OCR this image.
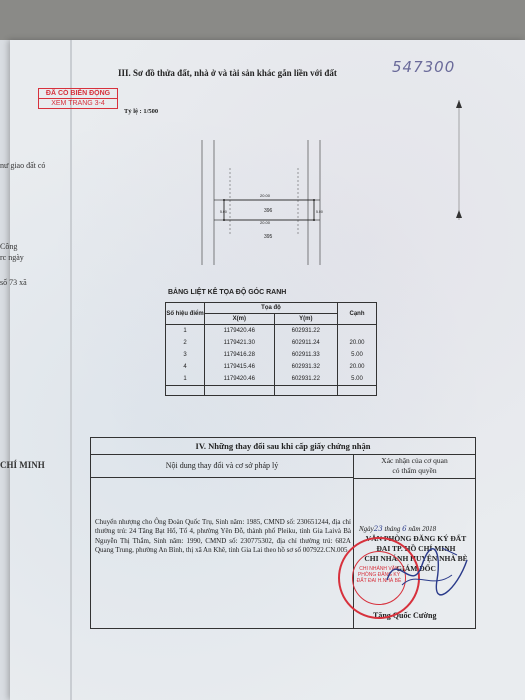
nư giao đất có
Công
rc ngày
số 73 xã
CHÍ MINH
ĐÃ CÓ BIẾN ĐỘNG
XEM TRANG 3-4
547300
III. Sơ đồ thửa đất, nhà ở và tài sản khác gắn liền với đất
Tỷ lệ : 1/500
20.00
20.00
396
395
5.00	5.00
BẢNG LIỆT KÊ TỌA ĐỘ GÓC RANH
Số hiệu điểm	Tọa độ		Cạnh
	X(m)	Y(m)	
1	1179420.46	602931.22	
2	1179421.30	602911.24	20.00
3	1179416.28	602911.33	5.00
4	1179415.46	602931.32	20.00
1	1179420.46	602931.22	5.00

IV. Những thay đổi sau khi cấp giấy chứng nhận
Nội dung thay đổi và cơ sở pháp lý
Xác nhận của cơ quan
có thẩm quyền
Chuyển nhượng cho Ông Đoàn Quốc Trụ, Sinh năm: 1985, CMND số: 230651244, địa chỉ thường trú: 24 Tăng Bạt Hổ, Tổ 4, phường Yên Đỗ, thành phố Pleiku, tỉnh Gia Laivà Bà Nguyễn Thị Thắm, Sinh năm: 1990, CMND số: 230775302, địa chỉ thường trú: 682A Quang Trung, phường An Bình, thị xã An Khê, tỉnh Gia Lai theo hồ sơ số 007922.CN.005
Ngày23 tháng 6 năm 2018
VĂN PHÒNG ĐĂNG KÝ ĐẤT
ĐAI TP. HỒ CHÍ MINH
CHI NHÁNH HUYỆN NHÀ BÈ
GIÁM ĐỐC
Tăng Quốc Cường
CHI NHÁNH VĂN PHÒNG ĐĂNG KÝ ĐẤT ĐAI H.NHÀ BÈ
